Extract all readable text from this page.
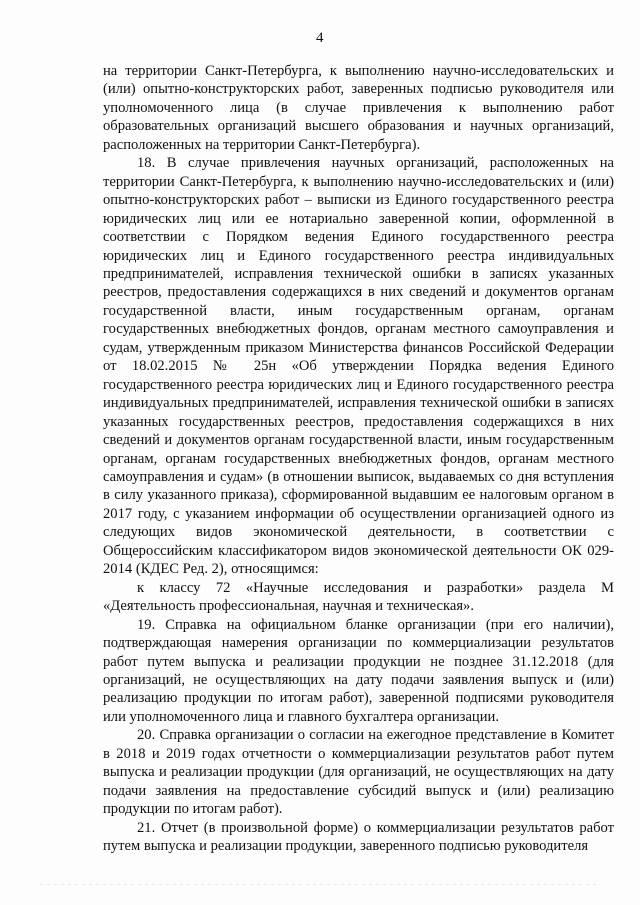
4

на территории Санкт-Петербурга, к выполнению научно-исследовательских и (или) опытно-конструкторских работ, заверенных подписью руководителя или уполномоченного лица (в случае привлечения к выполнению работ образовательных организаций высшего образования и научных организаций, расположенных на территории Санкт-Петербурга).

18. В случае привлечения научных организаций, расположенных на территории Санкт-Петербурга, к выполнению научно-исследовательских и (или) опытно-конструкторских работ – выписки из Единого государственного реестра юридических лиц или ее нотариально заверенной копии, оформленной в соответствии с Порядком ведения Единого государственного реестра юридических лиц и Единого государственного реестра индивидуальных предпринимателей, исправления технической ошибки в записях указанных реестров, предоставления содержащихся в них сведений и документов органам государственной власти, иным государственным органам, органам государственных внебюджетных фондов, органам местного самоуправления и судам, утвержденным приказом Министерства финансов Российской Федерации от 18.02.2015 № 25н «Об утверждении Порядка ведения Единого государственного реестра юридических лиц и Единого государственного реестра индивидуальных предпринимателей, исправления технической ошибки в записях указанных государственных реестров, предоставления содержащихся в них сведений и документов органам государственной власти, иным государственным органам, органам государственных внебюджетных фондов, органам местного самоуправления и судам» (в отношении выписок, выдаваемых со дня вступления в силу указанного приказа), сформированной выдавшим ее налоговым органом в 2017 году, с указанием информации об осуществлении организацией одного из следующих видов экономической деятельности, в соответствии с Общероссийским классификатором видов экономической деятельности ОК 029-2014 (КДЕС Ред. 2), относящимся:

к классу 72 «Научные исследования и разработки» раздела М «Деятельность профессиональная, научная и техническая».

19. Справка на официальном бланке организации (при его наличии), подтверждающая намерения организации по коммерциализации результатов работ путем выпуска и реализации продукции не позднее 31.12.2018 (для организаций, не осуществляющих на дату подачи заявления выпуск и (или) реализацию продукции по итогам работ), заверенной подписями руководителя или уполномоченного лица и главного бухгалтера организации.

20. Справка организации о согласии на ежегодное представление в Комитет в 2018 и 2019 годах отчетности о коммерциализации результатов работ путем выпуска и реализации продукции (для организаций, не осуществляющих на дату подачи заявления на предоставление субсидий выпуск и (или) реализацию продукции по итогам работ).

21. Отчет (в произвольной форме) о коммерциализации результатов работ путем выпуска и реализации продукции, заверенного подписью руководителя
